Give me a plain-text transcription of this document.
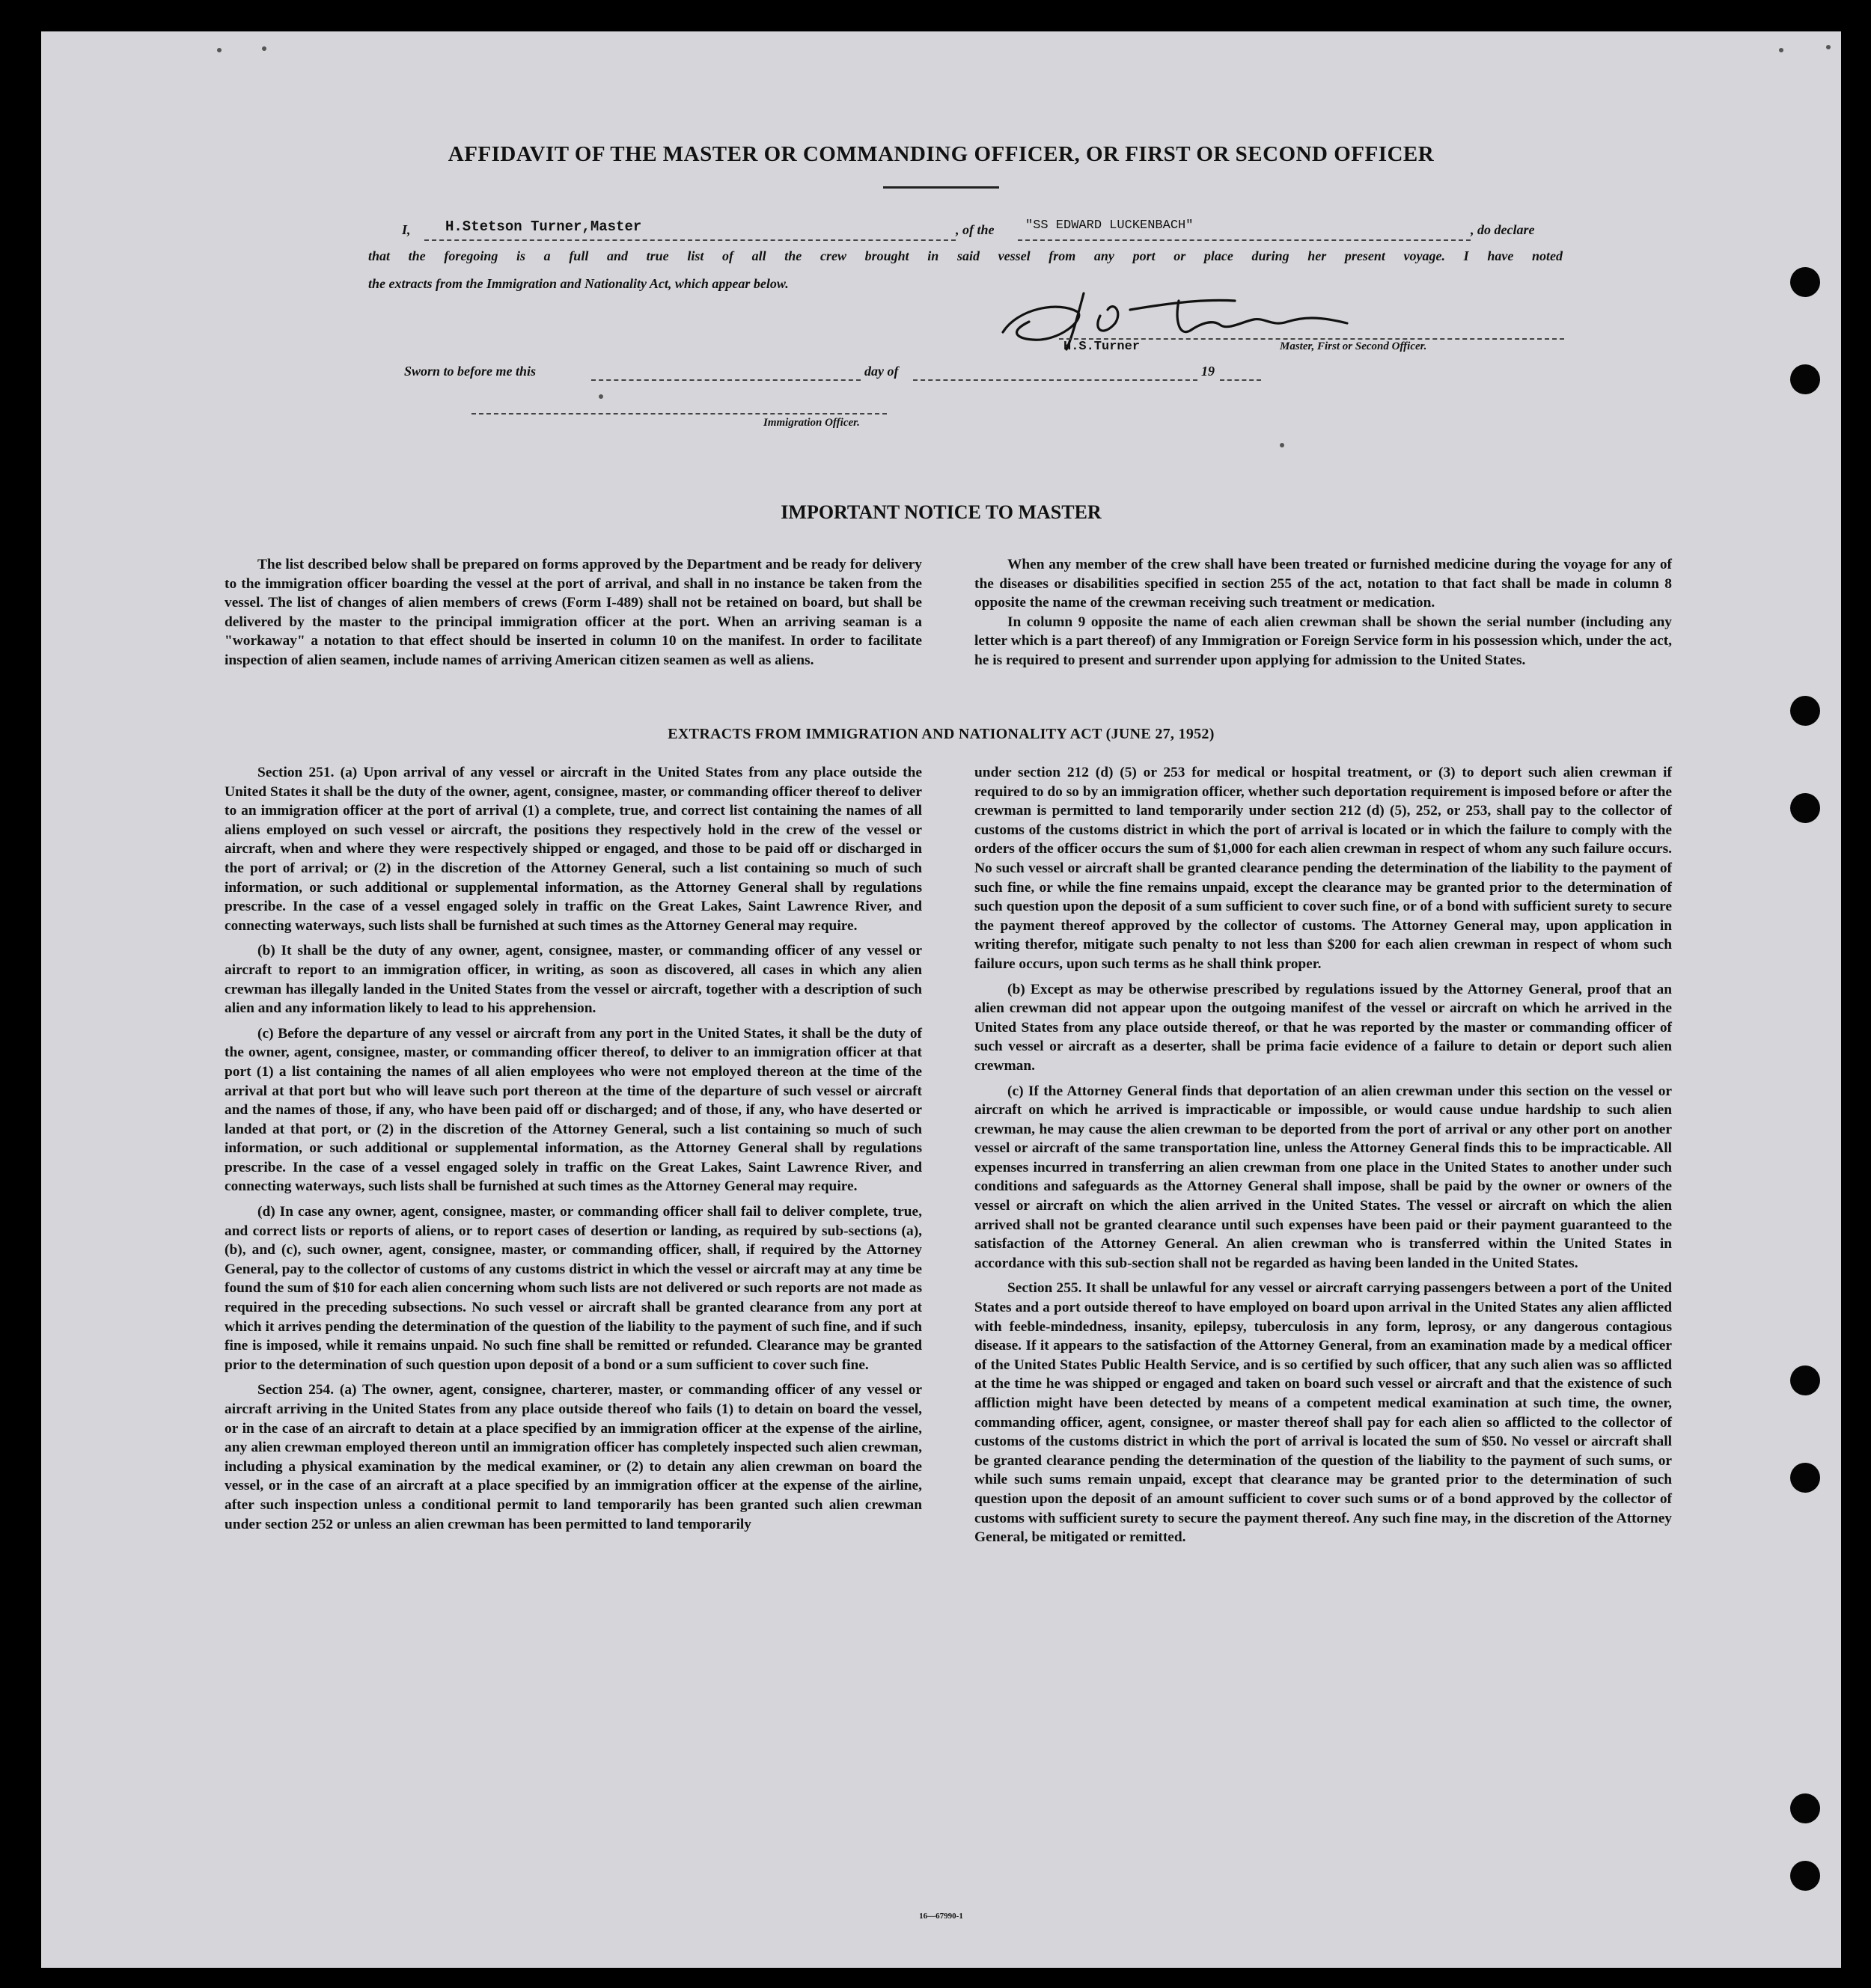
AFFIDAVIT OF THE MASTER OR COMMANDING OFFICER, OR FIRST OR SECOND OFFICER
I, H.Stetson Turner,Master	, of the "SS EDWARD LUCKENBACH"	, do declare
that the foregoing is a full and true list of all the crew brought in said vessel from any port or place during her present voyage. I have noted
the extracts from the Immigration and Nationality Act, which appear below.
H.S.Turner	Master, First or Second Officer.
Sworn to before me this	day of	19
Immigration Officer.
IMPORTANT NOTICE TO MASTER

The list described below shall be prepared on forms approved by the Department and be ready for delivery to the immigration officer boarding the vessel at the port of arrival, and shall in no instance be taken from the vessel. The list of changes of alien members of crews (Form I-489) shall not be retained on board, but shall be delivered by the master to the principal immigration officer at the port. When an arriving seaman is a "workaway" a notation to that effect should be inserted in column 10 on the manifest. In order to facilitate inspection of alien seamen, include names of arriving American citizen seamen as well as aliens.

When any member of the crew shall have been treated or furnished medicine during the voyage for any of the diseases or disabilities specified in section 255 of the act, notation to that fact shall be made in column 8 opposite the name of the crewman receiving such treatment or medication.

In column 9 opposite the name of each alien crewman shall be shown the serial number (including any letter which is a part thereof) of any Immigration or Foreign Service form in his possession which, under the act, he is required to present and surrender upon applying for admission to the United States.

EXTRACTS FROM IMMIGRATION AND NATIONALITY ACT (JUNE 27, 1952)

Section 251. (a) Upon arrival of any vessel or aircraft in the United States from any place outside the United States it shall be the duty of the owner, agent, consignee, master, or commanding officer thereof to deliver to an immigration officer at the port of arrival (1) a complete, true, and correct list containing the names of all aliens employed on such vessel or aircraft, the positions they respectively hold in the crew of the vessel or aircraft, when and where they were respectively shipped or engaged, and those to be paid off or discharged in the port of arrival; or (2) in the discretion of the Attorney General, such a list containing so much of such information, or such additional or supplemental information, as the Attorney General shall by regulations prescribe. In the case of a vessel engaged solely in traffic on the Great Lakes, Saint Lawrence River, and connecting waterways, such lists shall be furnished at such times as the Attorney General may require.

(b) It shall be the duty of any owner, agent, consignee, master, or commanding officer of any vessel or aircraft to report to an immigration officer, in writing, as soon as discovered, all cases in which any alien crewman has illegally landed in the United States from the vessel or aircraft, together with a description of such alien and any information likely to lead to his apprehension.

(c) Before the departure of any vessel or aircraft from any port in the United States, it shall be the duty of the owner, agent, consignee, master, or commanding officer thereof, to deliver to an immigration officer at that port (1) a list containing the names of all alien employees who were not employed thereon at the time of the arrival at that port but who will leave such port thereon at the time of the departure of such vessel or aircraft and the names of those, if any, who have been paid off or discharged; and of those, if any, who have deserted or landed at that port, or (2) in the discretion of the Attorney General, such a list containing so much of such information, or such additional or supplemental information, as the Attorney General shall by regulations prescribe. In the case of a vessel engaged solely in traffic on the Great Lakes, Saint Lawrence River, and connecting waterways, such lists shall be furnished at such times as the Attorney General may require.

(d) In case any owner, agent, consignee, master, or commanding officer shall fail to deliver complete, true, and correct lists or reports of aliens, or to report cases of desertion or landing, as required by sub-sections (a), (b), and (c), such owner, agent, consignee, master, or commanding officer, shall, if required by the Attorney General, pay to the collector of customs of any customs district in which the vessel or aircraft may at any time be found the sum of $10 for each alien concerning whom such lists are not delivered or such reports are not made as required in the preceding subsections. No such vessel or aircraft shall be granted clearance from any port at which it arrives pending the determination of the question of the liability to the payment of such fine, and if such fine is imposed, while it remains unpaid. No such fine shall be remitted or refunded. Clearance may be granted prior to the determination of such question upon deposit of a bond or a sum sufficient to cover such fine.

Section 254. (a) The owner, agent, consignee, charterer, master, or commanding officer of any vessel or aircraft arriving in the United States from any place outside thereof who fails (1) to detain on board the vessel, or in the case of an aircraft to detain at a place specified by an immigration officer at the expense of the airline, any alien crewman employed thereon until an immigration officer has completely inspected such alien crewman, including a physical examination by the medical examiner, or (2) to detain any alien crewman on board the vessel, or in the case of an aircraft at a place specified by an immigration officer at the expense of the airline, after such inspection unless a conditional permit to land temporarily has been granted such alien crewman under section 252 or unless an alien crewman has been permitted to land temporarily

under section 212 (d) (5) or 253 for medical or hospital treatment, or (3) to deport such alien crewman if required to do so by an immigration officer, whether such deportation requirement is imposed before or after the crewman is permitted to land temporarily under section 212 (d) (5), 252, or 253, shall pay to the collector of customs of the customs district in which the port of arrival is located or in which the failure to comply with the orders of the officer occurs the sum of $1,000 for each alien crewman in respect of whom any such failure occurs. No such vessel or aircraft shall be granted clearance pending the determination of the liability to the payment of such fine, or while the fine remains unpaid, except the clearance may be granted prior to the determination of such question upon the deposit of a sum sufficient to cover such fine, or of a bond with sufficient surety to secure the payment thereof approved by the collector of customs. The Attorney General may, upon application in writing therefor, mitigate such penalty to not less than $200 for each alien crewman in respect of whom such failure occurs, upon such terms as he shall think proper.

(b) Except as may be otherwise prescribed by regulations issued by the Attorney General, proof that an alien crewman did not appear upon the outgoing manifest of the vessel or aircraft on which he arrived in the United States from any place outside thereof, or that he was reported by the master or commanding officer of such vessel or aircraft as a deserter, shall be prima facie evidence of a failure to detain or deport such alien crewman.

(c) If the Attorney General finds that deportation of an alien crewman under this section on the vessel or aircraft on which he arrived is impracticable or impossible, or would cause undue hardship to such alien crewman, he may cause the alien crewman to be deported from the port of arrival or any other port on another vessel or aircraft of the same transportation line, unless the Attorney General finds this to be impracticable. All expenses incurred in transferring an alien crewman from one place in the United States to another under such conditions and safeguards as the Attorney General shall impose, shall be paid by the owner or owners of the vessel or aircraft on which the alien arrived in the United States. The vessel or aircraft on which the alien arrived shall not be granted clearance until such expenses have been paid or their payment guaranteed to the satisfaction of the Attorney General. An alien crewman who is transferred within the United States in accordance with this sub-section shall not be regarded as having been landed in the United States.

Section 255. It shall be unlawful for any vessel or aircraft carrying passengers between a port of the United States and a port outside thereof to have employed on board upon arrival in the United States any alien afflicted with feeble-mindedness, insanity, epilepsy, tuberculosis in any form, leprosy, or any dangerous contagious disease. If it appears to the satisfaction of the Attorney General, from an examination made by a medical officer of the United States Public Health Service, and is so certified by such officer, that any such alien was so afflicted at the time he was shipped or engaged and taken on board such vessel or aircraft and that the existence of such affliction might have been detected by means of a competent medical examination at such time, the owner, commanding officer, agent, consignee, or master thereof shall pay for each alien so afflicted to the collector of customs of the customs district in which the port of arrival is located the sum of $50. No vessel or aircraft shall be granted clearance pending the determination of the question of the liability to the payment of such sums, or while such sums remain unpaid, except that clearance may be granted prior to the determination of such question upon the deposit of an amount sufficient to cover such sums or of a bond approved by the collector of customs with sufficient surety to secure the payment thereof. Any such fine may, in the discretion of the Attorney General, be mitigated or remitted.

16—67990-1
